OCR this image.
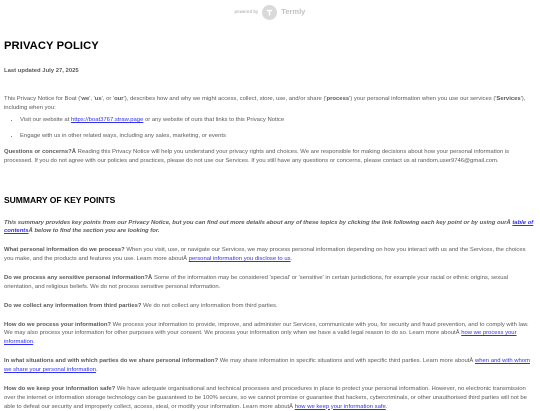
powered by	Termly
PRIVACY POLICY
Last updated July 27, 2025

This Privacy Notice for Boat ('we', 'us', or 'our'), describes how and why we might access, collect, store, use, and/or share ('process') your personal information when you use our services ('Services'), including when you:

• Visit our website at https://boat3767.straw.page or any website of ours that links to this Privacy Notice
• Engage with us in other related ways, including any sales, marketing, or events

Questions or concerns?Â Reading this Privacy Notice will help you understand your privacy rights and choices. We are responsible for making decisions about how your personal information is processed. If you do not agree with our policies and practices, please do not use our Services. If you still have any questions or concerns, please contact us at random.user9746@gmail.com.

SUMMARY OF KEY POINTS

This summary provides key points from our Privacy Notice, but you can find out more details about any of these topics by clicking the link following each key point or by using ourÂ table of contentsÂ below to find the section you are looking for.

What personal information do we process? When you visit, use, or navigate our Services, we may process personal information depending on how you interact with us and the Services, the choices you make, and the products and features you use. Learn more aboutÂ personal information you disclose to us.

Do we process any sensitive personal information?Â Some of the information may be considered 'special' or 'sensitive' in certain jurisdictions, for example your racial or ethnic origins, sexual orientation, and religious beliefs. We do not process sensitive personal information.

Do we collect any information from third parties? We do not collect any information from third parties.

How do we process your information? We process your information to provide, improve, and administer our Services, communicate with you, for security and fraud prevention, and to comply with law. We may also process your information for other purposes with your consent. We process your information only when we have a valid legal reason to do so. Learn more aboutÂ how we process your information.

In what situations and with which parties do we share personal information? We may share information in specific situations and with specific third parties. Learn more aboutÂ when and with whom we share your personal information.

How do we keep your information safe? We have adequate organisational and technical processes and procedures in place to protect your personal information. However, no electronic transmission over the internet or information storage technology can be guaranteed to be 100% secure, so we cannot promise or guarantee that hackers, cybercriminals, or other unauthorised third parties will not be able to defeat our security and improperly collect, access, steal, or modify your information. Learn more aboutÂ how we keep your information safe.
